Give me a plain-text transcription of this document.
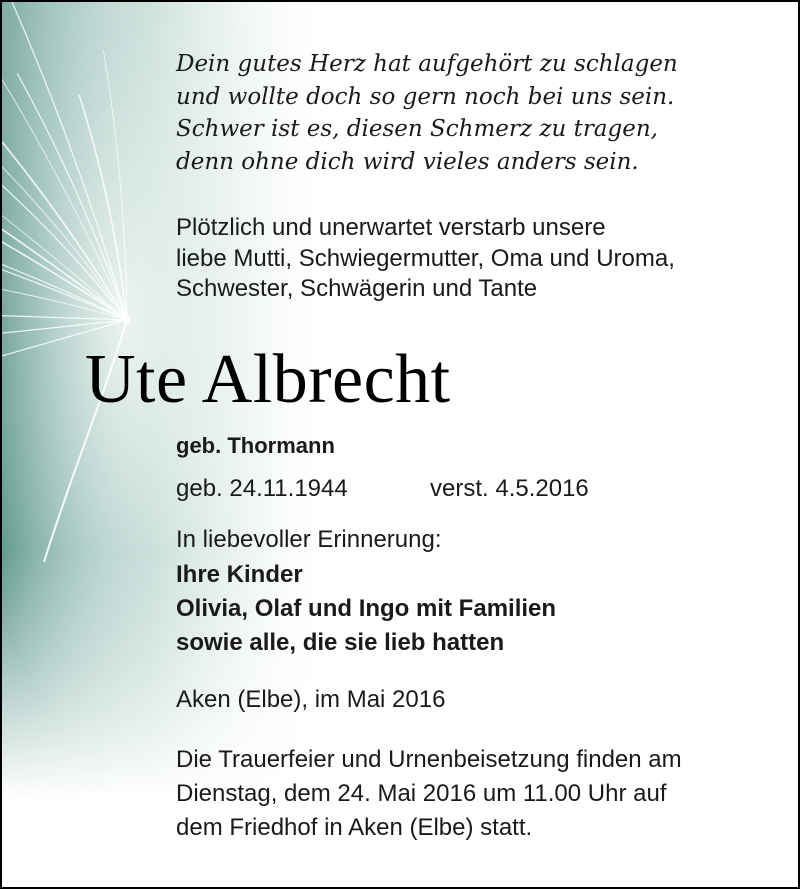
Ute Albrecht
Dein gutes Herz hat aufgehört zu schlagen
und wollte doch so gern noch bei uns sein.
Schwer ist es, diesen Schmerz zu tragen,
denn ohne dich wird vieles anders sein.
Plötzlich und unerwartet verstarb unsere
liebe Mutti, Schwiegermutter, Oma und Uroma,
Schwester, Schwägerin und Tante
geb. Thormann
geb. 24.11.1944	verst. 4.5.2016
In liebevoller Erinnerung:
Ihre Kinder
Olivia, Olaf und Ingo mit Familien
sowie alle, die sie lieb hatten
Aken (Elbe), im Mai 2016
Die Trauerfeier und Urnenbeisetzung finden am
Dienstag, dem 24. Mai 2016 um 11.00 Uhr auf
dem Friedhof in Aken (Elbe) statt.
